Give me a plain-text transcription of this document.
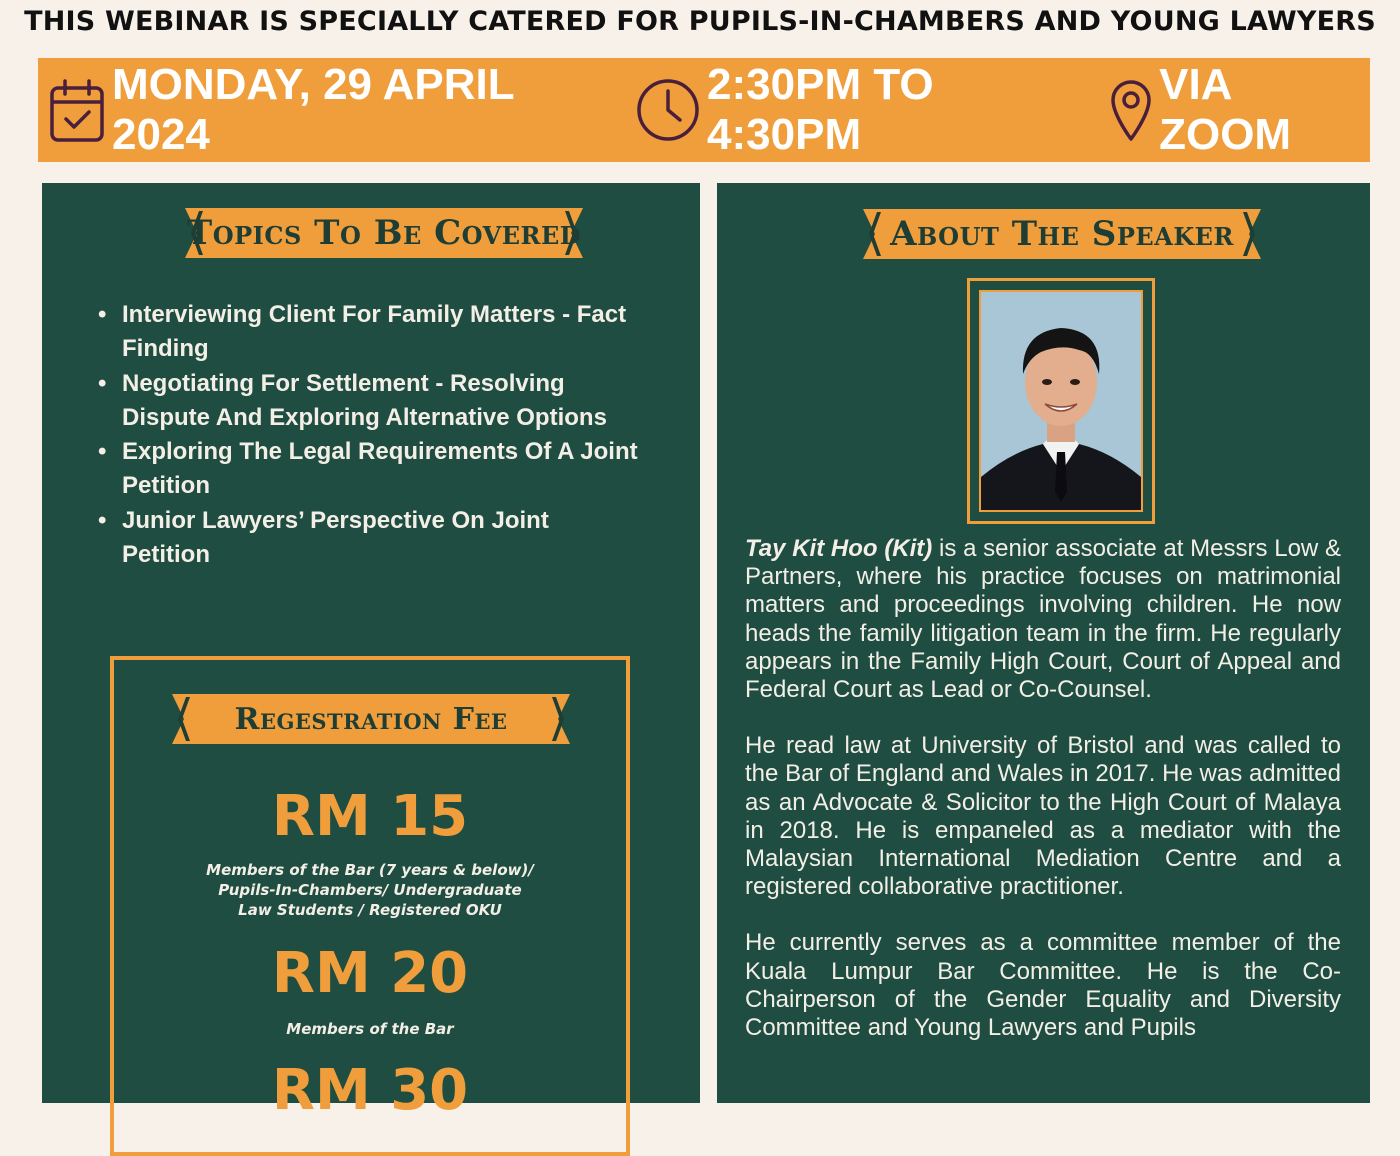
THIS WEBINAR IS SPECIALLY CATERED FOR PUPILS-IN-CHAMBERS AND YOUNG LAWYERS
MONDAY, 29 APRIL 2024
2:30PM TO 4:30PM
VIA ZOOM
Topics To Be Covered
• Interviewing Client For Family Matters - Fact Finding
• Negotiating For Settlement - Resolving Dispute And Exploring Alternative Options
• Exploring The Legal Requirements Of A Joint Petition
• Junior Lawyers’ Perspective On Joint Petition
Regestration Fee
RM 15
Members of the Bar (7 years & below)/
Pupils-In-Chambers/ Undergraduate
Law Students / Registered OKU
RM 20
Members of the Bar
RM 30
About The Speaker

Tay Kit Hoo (Kit) is a senior associate at Messrs Low & Partners, where his practice focuses on matrimonial matters and proceedings involving children. He now heads the family litigation team in the firm. He regularly appears in the Family High Court, Court of Appeal and Federal Court as Lead or Co-Counsel.

He read law at University of Bristol and was called to the Bar of England and Wales in 2017. He was admitted as an Advocate & Solicitor to the High Court of Malaya in 2018. He is empaneled as a mediator with the Malaysian International Mediation Centre and a registered collaborative practitioner.

He currently serves as a committee member of the Kuala Lumpur Bar Committee. He is the Co-Chairperson of the Gender Equality and Diversity Committee and Young Lawyers and Pupils
